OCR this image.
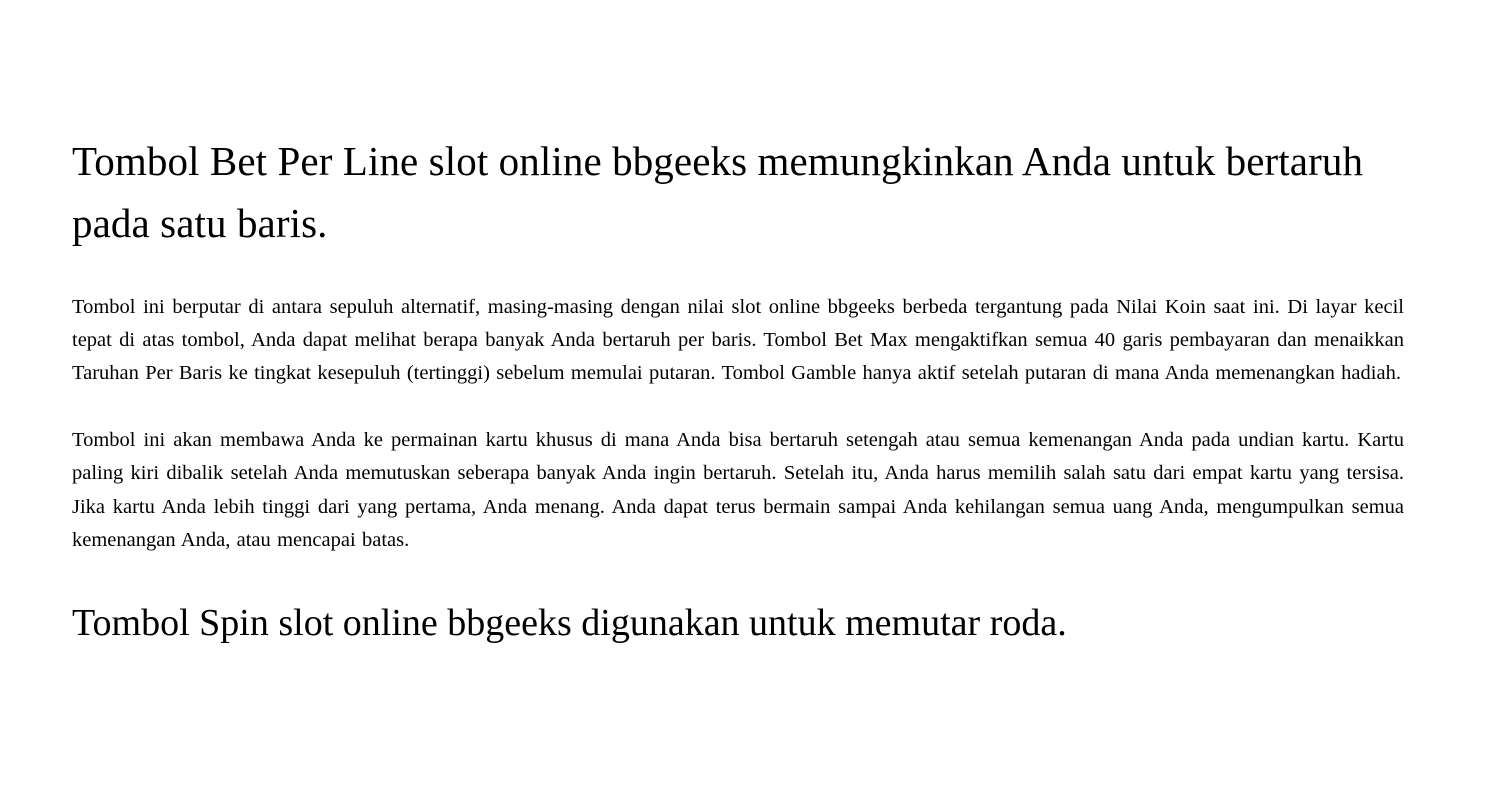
Tombol Bet Per Line slot online bbgeeks memungkinkan Anda untuk bertaruh pada satu baris.

Tombol ini berputar di antara sepuluh alternatif, masing-masing dengan nilai slot online bbgeeks berbeda tergantung pada Nilai Koin saat ini. Di layar kecil tepat di atas tombol, Anda dapat melihat berapa banyak Anda bertaruh per baris. Tombol Bet Max mengaktifkan semua 40 garis pembayaran dan menaikkan Taruhan Per Baris ke tingkat kesepuluh (tertinggi) sebelum memulai putaran. Tombol Gamble hanya aktif setelah putaran di mana Anda memenangkan hadiah.

Tombol ini akan membawa Anda ke permainan kartu khusus di mana Anda bisa bertaruh setengah atau semua kemenangan Anda pada undian kartu. Kartu paling kiri dibalik setelah Anda memutuskan seberapa banyak Anda ingin bertaruh. Setelah itu, Anda harus memilih salah satu dari empat kartu yang tersisa. Jika kartu Anda lebih tinggi dari yang pertama, Anda menang. Anda dapat terus bermain sampai Anda kehilangan semua uang Anda, mengumpulkan semua kemenangan Anda, atau mencapai batas.

Tombol Spin slot online bbgeeks digunakan untuk memutar roda.
